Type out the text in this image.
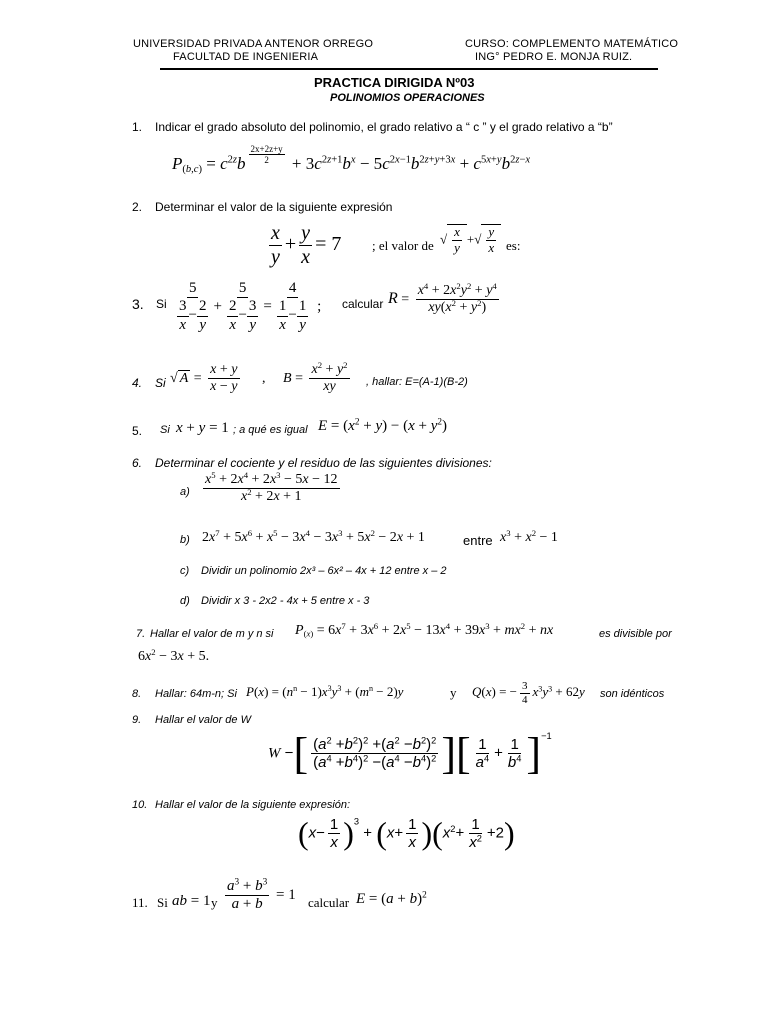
UNIVERSIDAD PRIVADA ANTENOR ORREGO
FACULTAD DE INGENIERIA
CURSO: COMPLEMENTO MATEMÁTICO
ING° PEDRO E. MONJA RUIZ.
PRACTICA DIRIGIDA Nº03
POLINOMIOS OPERACIONES
1. Indicar el grado absoluto del polinomio, el grado relativo a “ c ” y el grado relativo a “b”
$P_{(b,c)} = c^{2z}b$ $^{\frac{2x+2z+y}{2}} + 3c^{2z+1}b^x - 5c^{2x-1}b^{2z+y+3x} + c^{5x+y}b^{2z-x}$
2. Determinar el valor de la siguiente expresión
$\frac{x}{y} + \frac{y}{x} = 7$ ; el valor de √ $\frac{x}{y}$ +√ $\frac{y}{x}$ es:
3. Si $\frac{5}{\frac{3}{x} - \frac{2}{y}} + \frac{5}{\frac{2}{x} - \frac{3}{y}} = \frac{4}{\frac{1}{x} - \frac{1}{y}}$ ; calcular $R = \frac{x^4 + 2x^2y^2 + y^4}{xy(x^2 + y^2)}$
4. Si √ $A = \frac{x + y}{x - y}$ ,     $B = \frac{x^2 + y^2}{xy}$ , hallar: E=(A-1)(B-2)
5. Si x + y = 1 ; a qué es igual $E = (x^2 + y) - (x + y^2)$
6. Determinar el cociente y el residuo de las siguientes divisiones:
$a) \frac{x^5 + 2x^4 + 2x^3 - 5x - 12}{x^2 + 2x + 1}$
b) $2x^7 + 5x^6 + x^5 - 3x^4 - 3x^3 + 5x^2 - 2x + 1$	entre $x^3 + x^2 - 1$
c) Dividir un polinomio 2x³ – 6x² – 4x + 12 entre x – 2
d) Dividir x 3 - 2x2 - 4x + 5 entre x - 3
7. Hallar el valor de m y n si $P_{(x)} = 6x^7 + 3x^6 + 2x^5 - 13x^4 + 39x^3 + mx^2$ + nx	es divisible por
$6x^2 - 3x + 5$.
8. Hallar: 64m-n; Si $P(x) = (n^n - 1)x^3y^3 + (m^n - 2)y$	y Q(x) = − $\frac{3}{4} x^3y^3 + 62y$ son idénticos
9. Hallar el valor de W
W −[ $\frac{(a^2 +b^2)^2 +(a^2 -b^2)^2}{(a^4 +b^4)^2 -(a^4 -b^4)^2}$ ][ $\frac{1}{a^4} + \frac{1}{b^4} ]^{-1}$
10. Hallar el valor de la siguiente expresión:
$(x- \frac{1}{x} )^3 + (x+ \frac{1}{x} )(x^2+ \frac{1}{x^2} +2)$
11. Si ab = 1 y $\frac{a^3 + b^3}{a + b} = 1$ calcular $E = (a + b)^2$
